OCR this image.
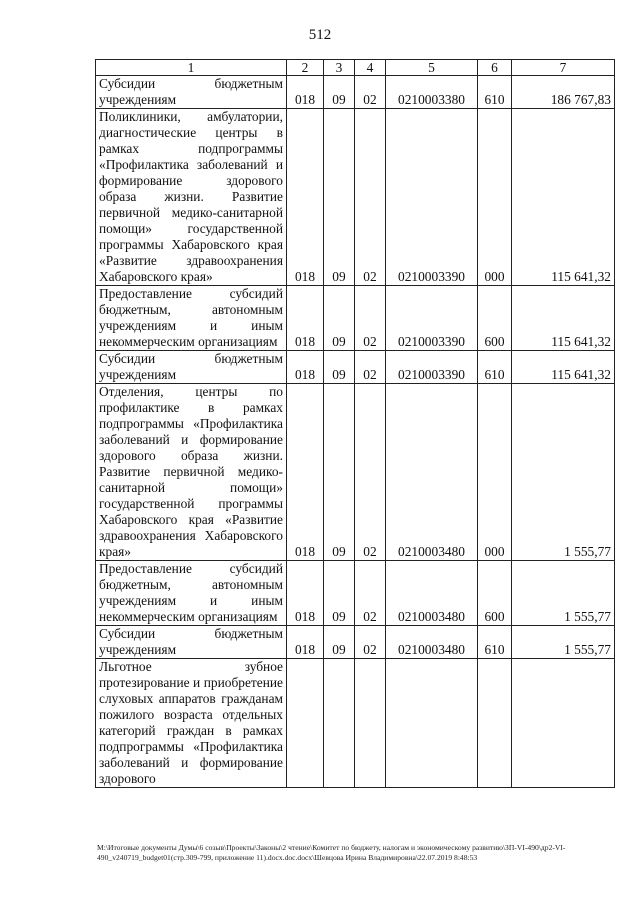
512
1	2	3	4	5	6	7
Субсидии бюджетным учреждениям	018	09	02	0210003380	610	186 767,83
Поликлиники, амбулатории, диагностические центры в рамках подпрограммы «Профилактика заболеваний и формирование здорового образа жизни. Развитие первичной медико-санитарной помощи» государственной программы Хабаровского края «Развитие здравоохранения Хабаровского края»	018	09	02	0210003390	000	115 641,32
Предоставление субсидий бюджетным, автономным учреждениям и иным некоммерческим организациям	018	09	02	0210003390	600	115 641,32
Субсидии бюджетным учреждениям	018	09	02	0210003390	610	115 641,32
Отделения, центры по профилактике в рамках подпрограммы «Профилактика заболеваний и формирование здорового образа жизни. Развитие первичной медико-санитарной помощи» государственной программы Хабаровского края «Развитие здравоохранения Хабаровского края»	018	09	02	0210003480	000	1 555,77
Предоставление субсидий бюджетным, автономным учреждениям и иным некоммерческим организациям	018	09	02	0210003480	600	1 555,77
Субсидии бюджетным учреждениям	018	09	02	0210003480	610	1 555,77
Льготное зубное протезирование и приобретение слуховых аппаратов гражданам пожилого возраста отдельных категорий граждан в рамках подпрограммы «Профилактика заболеваний и формирование здорового						
M:\Итоговые документы Думы\6 созыв\Проекты\Законы\2 чтение\Комитет по бюджету, налогам и экономическому развитию\ЗП-VI-490\др2-VI-490_v240719_budget01(стр.309-799, приложение 11).docx.doc.docx\Шевцова Ирина Владимировна\22.07.2019 8:48:53
